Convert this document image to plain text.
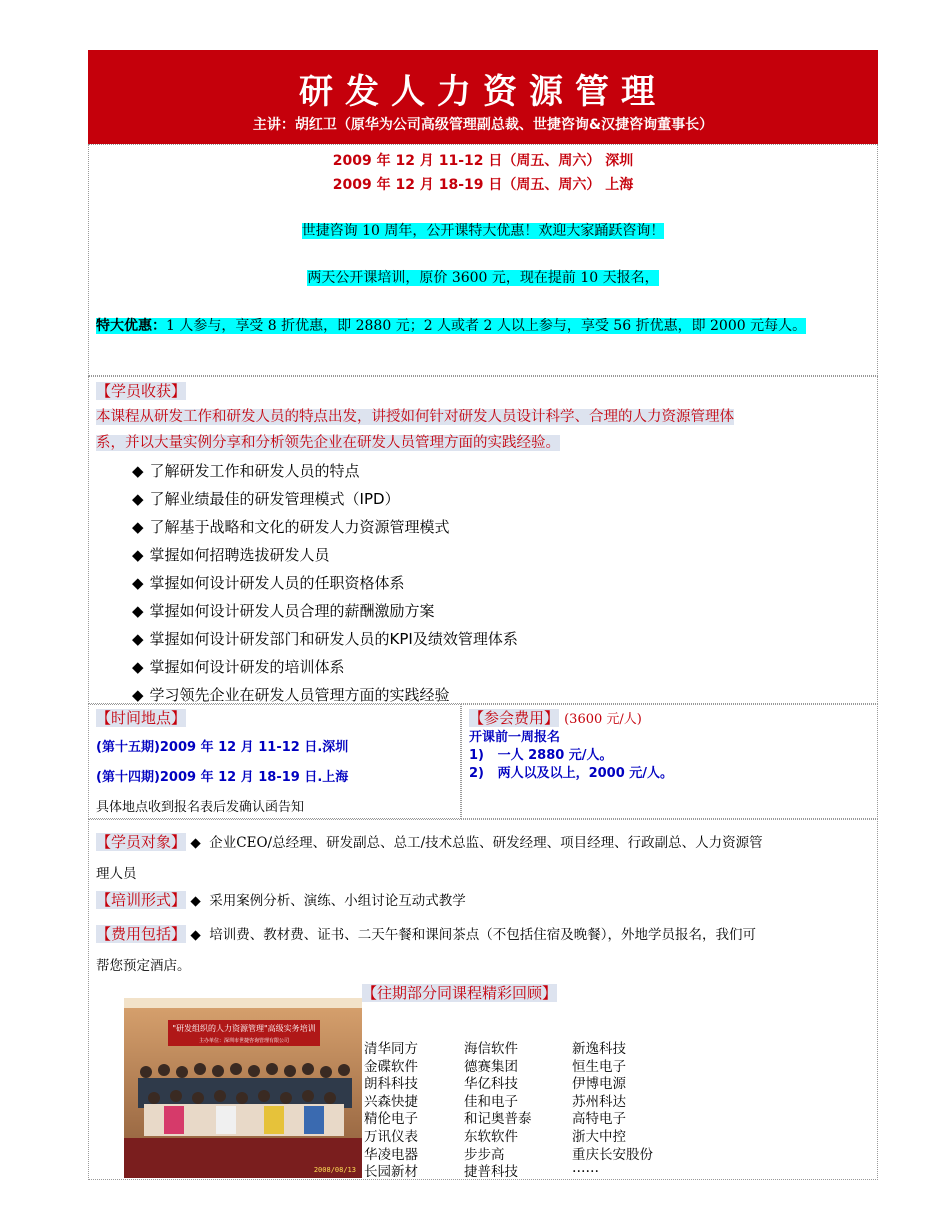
研发人力资源管理
主讲：胡红卫（原华为公司高级管理副总裁、世捷咨询&汉捷咨询董事长）
2009 年 12 月 11-12 日（周五、周六） 深圳
2009 年 12 月 18-19 日（周五、周六） 上海
世捷咨询 10 周年，公开课特大优惠！欢迎大家踊跃咨询！
两天公开课培训，原价 3600 元，现在提前 10 天报名，
特大优惠：1 人参与，享受 8 折优惠，即 2880 元；2 人或者 2 人以上参与，享受 56 折优惠，即 2000 元每人。
【学员收获】
本课程从研发工作和研发人员的特点出发，讲授如何针对研发人员设计科学、合理的人力资源管理体
系，并以大量实例分享和分析领先企业在研发人员管理方面的实践经验。
◆ 了解研发工作和研发人员的特点
◆ 了解业绩最佳的研发管理模式（IPD）
◆ 了解基于战略和文化的研发人力资源管理模式
◆ 掌握如何招聘选拔研发人员
◆ 掌握如何设计研发人员的任职资格体系
◆ 掌握如何设计研发人员合理的薪酬激励方案
◆ 掌握如何设计研发部门和研发人员的KPI及绩效管理体系
◆ 掌握如何设计研发的培训体系
◆ 学习领先企业在研发人员管理方面的实践经验
【时间地点】
(第十五期)2009 年 12 月 11-12 日.深圳
(第十四期)2009 年 12 月 18-19 日.上海
具体地点收到报名表后发确认函告知
【参会费用】 (3600 元/人)
开课前一周报名
1) 一人 2880 元/人。
2) 两人以及以上，2000 元/人。
【学员对象】 ◆ 企业CEO/总经理、研发副总、总工/技术总监、研发经理、项目经理、行政副总、人力资源管
理人员
【培训形式】 ◆ 采用案例分析、演练、小组讨论互动式教学
【费用包括】 ◆ 培训费、教材费、证书、二天午餐和课间茶点（不包括住宿及晚餐），外地学员报名，我们可
帮您预定酒店。
【往期部分同课程精彩回顾】
"研发组织的人力资源管理"高级实务培训
主办单位：深圳市世捷咨询管理有限公司
2008/08/13
清华同方
金碟软件
朗科科技
兴森快捷
精伦电子
万讯仪表
华凌电器
长园新材
海信软件
德赛集团
华亿科技
佳和电子
和记奥普泰
东软软件
步步高
捷普科技
新逸科技
恒生电子
伊博电源
苏州科达
高特电子
浙大中控
重庆长安股份
……
